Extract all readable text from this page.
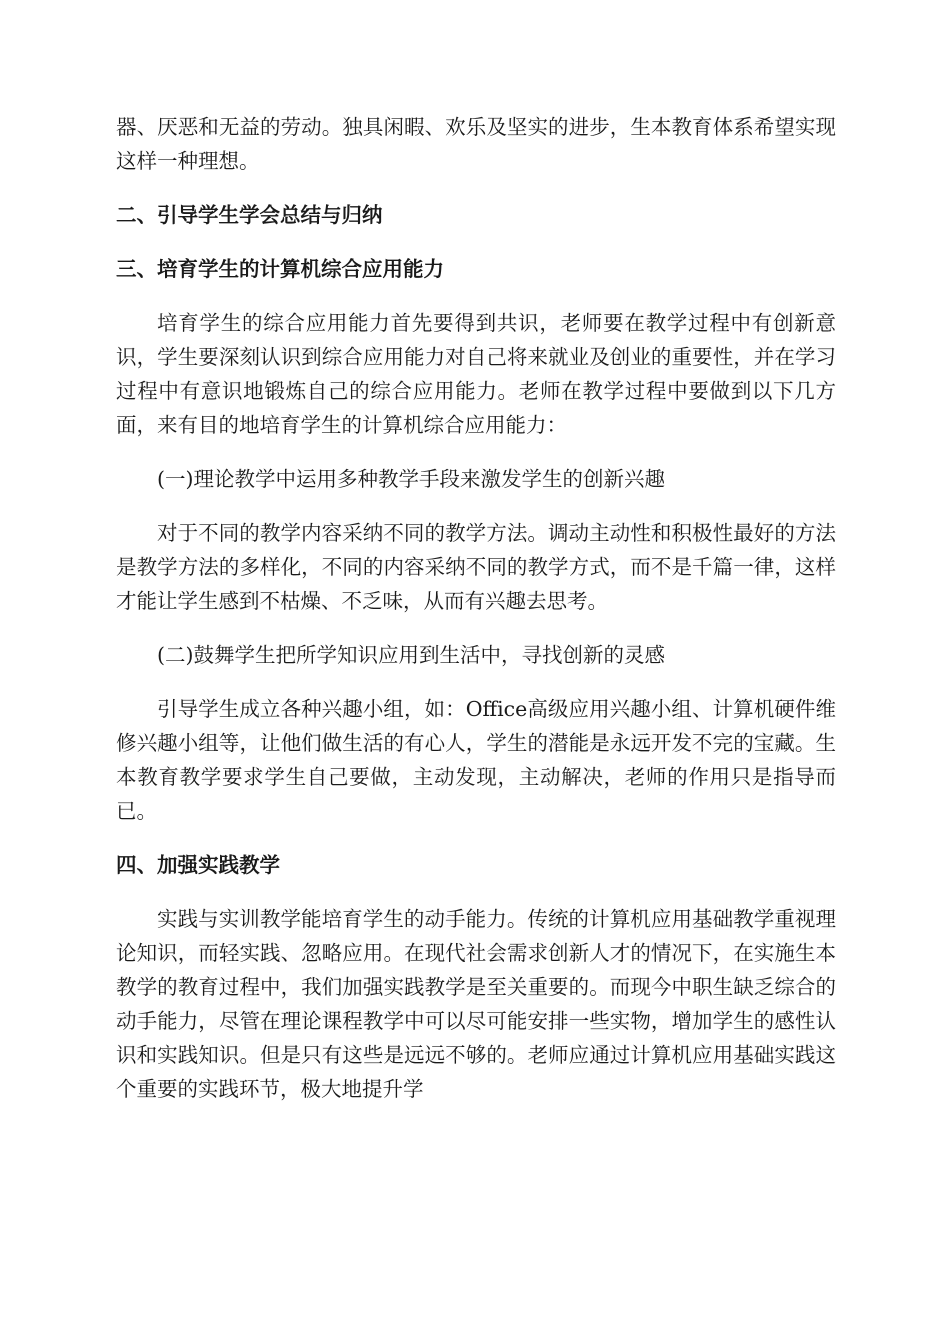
器、厌恶和无益的劳动。独具闲暇、欢乐及坚实的进步，生本教育体系希望实现这样一种理想。

二、引导学生学会总结与归纳
三、培育学生的计算机综合应用能力

培育学生的综合应用能力首先要得到共识，老师要在教学过程中有创新意识，学生要深刻认识到综合应用能力对自己将来就业及创业的重要性，并在学习过程中有意识地锻炼自己的综合应用能力。老师在教学过程中要做到以下几方面，来有目的地培育学生的计算机综合应用能力：

(一)理论教学中运用多种教学手段来激发学生的创新兴趣

对于不同的教学内容采纳不同的教学方法。调动主动性和积极性最好的方法是教学方法的多样化，不同的内容采纳不同的教学方式，而不是千篇一律，这样才能让学生感到不枯燥、不乏味，从而有兴趣去思考。

(二)鼓舞学生把所学知识应用到生活中，寻找创新的灵感

引导学生成立各种兴趣小组，如：Office高级应用兴趣小组、计算机硬件维修兴趣小组等，让他们做生活的有心人，学生的潜能是永远开发不完的宝藏。生本教育教学要求学生自己要做，主动发现，主动解决，老师的作用只是指导而已。

四、加强实践教学

实践与实训教学能培育学生的动手能力。传统的计算机应用基础教学重视理论知识，而轻实践、忽略应用。在现代社会需求创新人才的情况下，在实施生本教学的教育过程中，我们加强实践教学是至关重要的。而现今中职生缺乏综合的动手能力，尽管在理论课程教学中可以尽可能安排一些实物，增加学生的感性认识和实践知识。但是只有这些是远远不够的。老师应通过计算机应用基础实践这个重要的实践环节，极大地提升学
